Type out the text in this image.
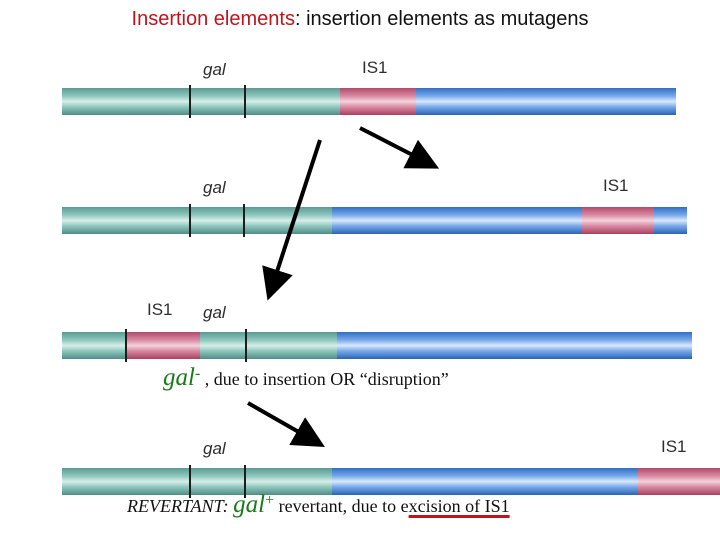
Insertion elements: insertion elements as mutagens
gal	IS1
gal	IS1
IS1 gal
gal- , due to insertion OR “disruption”
gal	IS1
REVERTANT: gal+ revertant, due to excision of IS1
